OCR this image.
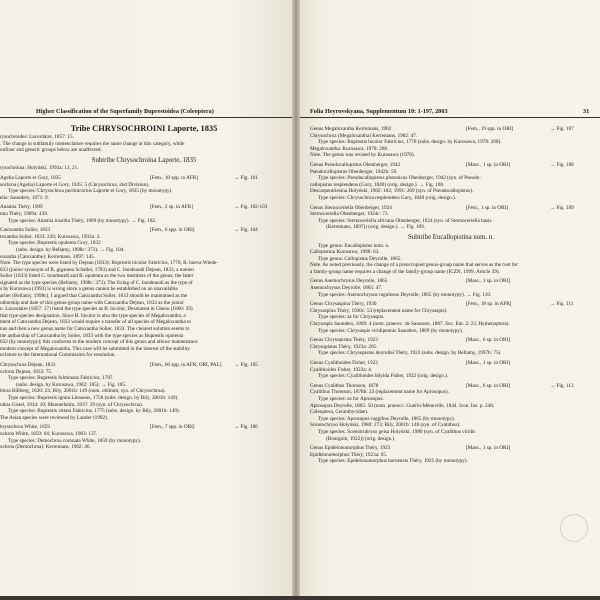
Higher Classification of the Superfamily Buprestoidea (Coleoptera)
Tribe CHRYSOCHROINI Laporte, 1835
rysochroides: Lacordaire, 1857: 15.
. The change in subfamily nomenclature requires the name change at this category, while
onfiner and generic groups below are unaffected.
Subtribe Chrysochroina Laporte, 1835
rysochroina: Holyński, 1993a: 13, 21.
Agelia Laporte et Gory, 1835	[Fem., 10 spp. in AFR]	→ Fig. 101
sochroa (Agelia) Laporte et Gory, 1835: 5 (Chrysochroa, 2nd Division).
Type species: Chrysochroa pectinicornis Laporte et Gory, 1835 (by monotypy).
elia: Saunders, 1871: 9.
Anamia Théry, 1909	[Fem., 2 sp. in AFR]	→ Fig. 102-103
mia Théry, 1909a: 439.
Type species: Anamia insolita Théry, 1909 (by monotypy). → Fig. 102.
Catoxantha Solier, 1833	[Fem., 6 spp. in ORI]	→ Fig. 104
toxantha Solier, 1833: 226; Kurosawa, 1993a: 3.
Type species: Buprestis opulenta Gory, 1832
(subs. design. by Bellamy, 1998c: 373). → Fig. 104.
oxantha (Catoxanthe): Kerremans, 1897: 145.
Note. The type species were listed by Dejean (1833): Buprestis bicolor Fabricius, 1778, B. bueva Wiede-
833 (junior synonym of B. gigantea Schaller, 1783) and C. bondeaudi Dejean, 1833, a nomen
Solier (1833) listed C. bondeaudi and B. opulenta as the two members of the genus; the latter
signated as the type species (Bellamy, 1998c: 373). The fixing of C. bondeaudi as the type of
s by Kurosawa (1993) is wrong since a genus cannot be established on an unavailable
arlier (Bellamy, 1998c), I argued that Catoxantha Solier, 1833 should be maintained as the
uthorship and date of this genus-group name with Catoxantha Dejean, 1833 as the junior
n. Lacordaire (1857: 17) listed the type species as B. bicolor, Desmarest in Chenu (1860: 39)
that type species designation. Since B. bicolor is also the type species of Megaloxantha, a
ment of Catoxantha Dejean, 1833 would require a transfer of all species of Megaloxantha to
nus and then a new genus name for Catoxantha Solier, 1833. The clearest solution seems to
the authorship of Catoxantha by Solier, 1833 with the type species as Buprestis opulenta
832 (by monotypy); this conforms to the modern concept of this genus and allows maintenance
modern concept of Megaloxantha. This case will be submitted in the interest of the stability
nclature to the International Commission for resolution.
Chrysochroa Dejean, 1833	[Fem., 66 spp. in AFR, ORI, PAL] → Fig. 105
ochroa Dejean, 1833: 75.
Type species: Buprestis fulminans Fabricius, 1787
(subs. design. by Kurosawa, 1982: 185); → Fig. 105.
blora Billberg, 1820: 23; Bily, 2001b: 149 (nom. oblitum, syn. of Chrysochroa).
Type species: Buprestis ignita Linnaeus, 1758 (subs. design. by Bily, 2001b: 149).
uthia Gistel, 1834: 10; Mannerheim, 1837: 29 (syn. of Chrysochroa).
Type species: Buprestis vittata Fabricius, 1775 (subs. design. by Bily, 2001b: 149).
The Asian species were reviewed by Lander (1992).
hrysochroa White, 1859	[Fem., 7 spp. in ORI]	→ Fig. 106
ochroa White, 1859: 64; Kurosawa, 1983: 137.
Type species: Demochroa coronata White, 1859 (by monotypy).
ochroa (Demochroa): Kerremans, 1902: 46.
Folia Heyrovskyana, Supplementum 10: 1-197, 2003	31
Genus Megaloxantha Kerremans, 1902	[Fem., 19 spp. in ORI]	→ Fig. 107
Chrysochroa (Megaloxantha) Kerremans, 1902: 47.
Type species: Buprestis bicolor Fabricius, 1778 (subs. design. by Kurosawa, 1978: 208).
Megaloxantha: Kurosawa, 1978: 208.
Note. The genus was revised by Kurosawa (1978).
Genus Pseudocallopistus Obenberger, 1942	[Masc., 1 sp. in ORI]	→ Fig. 108
Pseudocallopistus Obenberger, 1942b: 59.
Type species: Pseudocallopistus plutonicus Obenberger, 1942 (syn. of Pseudo-
callopistus resplendens (Gory, 1840) (orig. design.). → Fig. 108.
Descarpentriesina Holyński, 1982: 182; 1991: 209 (syn. of Pseudocallopistus).
Type species: Chrysochroa resplendens Gory, 1840 (orig. design.).
Genus Sternoceriella Obenberger, 1924	[Fem., 1 sp. in ORI]	→ Fig. 109
Sternoceriella Obenberger, 1924c: 73.
Type species: Sternoceriella africana Obenberger, 1924 (syn. of Sternoceriella basis
(Kerremans, 1897)) (orig. design.). → Fig. 109.
Subtribe Eucallopistina nom. n.
Type genus: Eucallopistus nom. n.
Callopistina Kurosawa, 1990: 63.
Type genus: Callopistus Deyrolle, 1865.
Note. As noted previously, the change of a preoccupied genus-group name that serves as the root for
a family-group name requires a change of the family-group name (ICZN, 1999, Article 39).
Genus Asemochrysus Deyrolle, 1865	[Masc., 1 sp. in ORI]
Asemochrysus Deyrolle, 1865: 47.
Type species: Asemochrysus rugulosus Deyrolle, 1865 (by monotypy). → Fig. 110.
Genus Chrysaspina Théry, 1930	[Fem., 18 sp. in AFR]	→ Fig. 111
Chrysaspina Théry, 1930c: 53 (replacement name for Chrysaspis).
Type species: as for Chrysaspis.
Chrysaspis Saunders, 1869: 4 (nom. praeocc. de Saussure, 1887. Soc. Ent. 2: 23, Hymenoptera).
Type species: Chrysaspis viridipennis Saunders, 1869 (by monotypy).
Genus Chrysopistus Théry, 1923	[Masc., 6 sp. in ORI]
Chrysopistus Théry, 1923a: 205.
Type species: Chrysopistus deyrollei Théry, 1923 (subs. design. by Bellamy, 1997b: 75).
Genus Cyalithoides Fisher, 1922	[Masc., 1 sp. in ORI]
Cyalithoides Fisher, 1922a: 4.
Type species: Cyalithoides bilyida Fisher, 1922 (orig. design.).
Genus Cyalithus Thomson, 1878	[Masc., 6 sp. in ORI]	→ Fig. 113
Cyalithus Thomson, 1878b: 23 (replacement name for Aprosopus).
Type species: as for Aprosopus.
Aprosopus Deyrolle, 1865: 50 (nom. praeocc. Guérin-Méneville, 1844. Icon. Ins. p. 248,
Coleoptera, Cerambycidae).
Type species: Aprosopus ruggibus Deyrolle, 1865 (by monotypy).
Sceniochryso Holyński, 1980: 273; Bily, 2001b: 148 (syn. of Cyalithus).
Type species: Scenotrubryso geisa Holyński, 1980 (syn. of Cyalithus viridis
(Bourgoin, 1922)) (orig. design.).
Genus Epidelonomorphus Théry, 1923	[Masc., 1 sp. in ORI]
Epidelonomorphus Théry, 1923a: 65.
Type species: Epidelonomorphus bornensis Théry, 1925 (by monotypy).
